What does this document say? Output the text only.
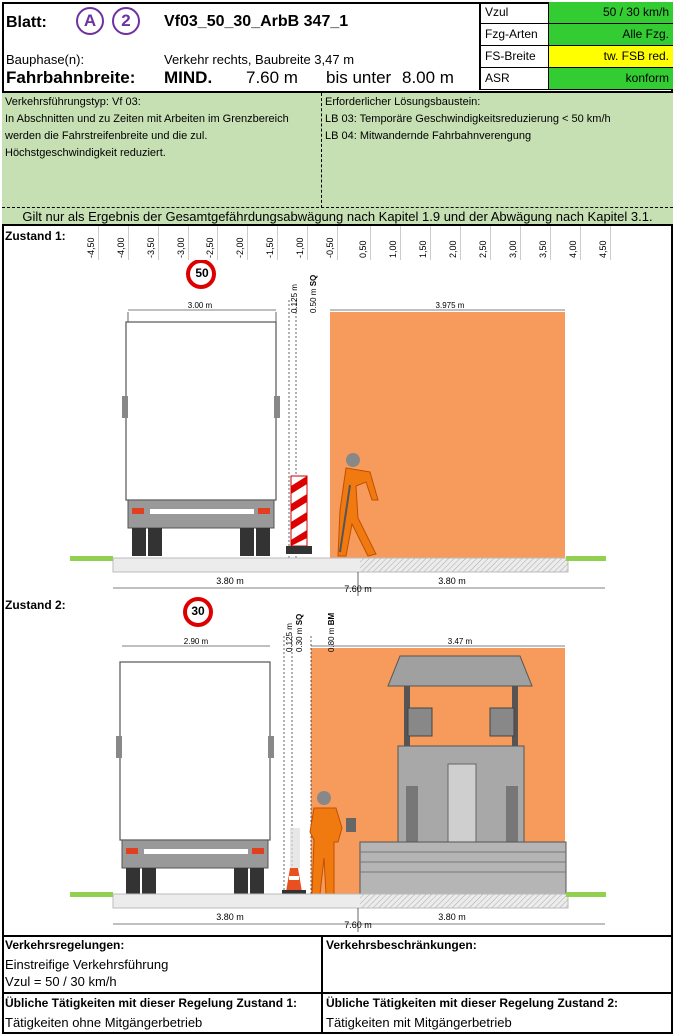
Blatt:	A	2	Vf03_50_30_ArbB 347_1
Bauphase(n):	Verkehr rechts, Baubreite 3,47 m
Fahrbahnbreite: MIND. 7.60 m bis unter 8.00 m
Vzul	50 / 30 km/h
Fzg-Arten	Alle Fzg.
FS-Breite	tw. FSB red.
ASR	konform
Verkehrsführungstyp: Vf 03:
In Abschnitten und zu Zeiten mit Arbeiten im Grenzbereich
werden die Fahrstreifenbreite und die zul.
Höchstgeschwindigkeit reduziert.
Erforderlicher Lösungsbaustein:
LB 03: Temporäre Geschwindigkeitsreduzierung < 50 km/h
LB 04: Mitwandernde Fahrbahnverengung
Gilt nur als Ergebnis der Gesamtgefährdungsabwägung nach Kapitel 1.9 und der Abwägung nach Kapitel 3.1.
-4,50 -4,00 -3,50 -3,00 -2,50 -2,00 -1,50 -1,00 -0,50	0,50 1,00 1,50 2,00 2,50 3,00 3,50 4,00 4,50
Zustand 1:
50
3.00 m	3.975 m
0.125 m 0.50 m SQ
3.80 m	3.80 m
7.60 m
Zustand 2:	30
2.90 m	3.47 m
0.125 m 0.30 m SQ
0.80 m BM
3.80 m	3.80 m
7.60 m
Verkehrsregelungen:
Einstreifige Verkehrsführung
Vzul = 50 / 30 km/h
Verkehrsbeschränkungen:
Übliche Tätigkeiten mit dieser Regelung Zustand 1:
Tätigkeiten ohne Mitgängerbetrieb
Übliche Tätigkeiten mit dieser Regelung Zustand 2:
Tätigkeiten mit Mitgängerbetrieb
